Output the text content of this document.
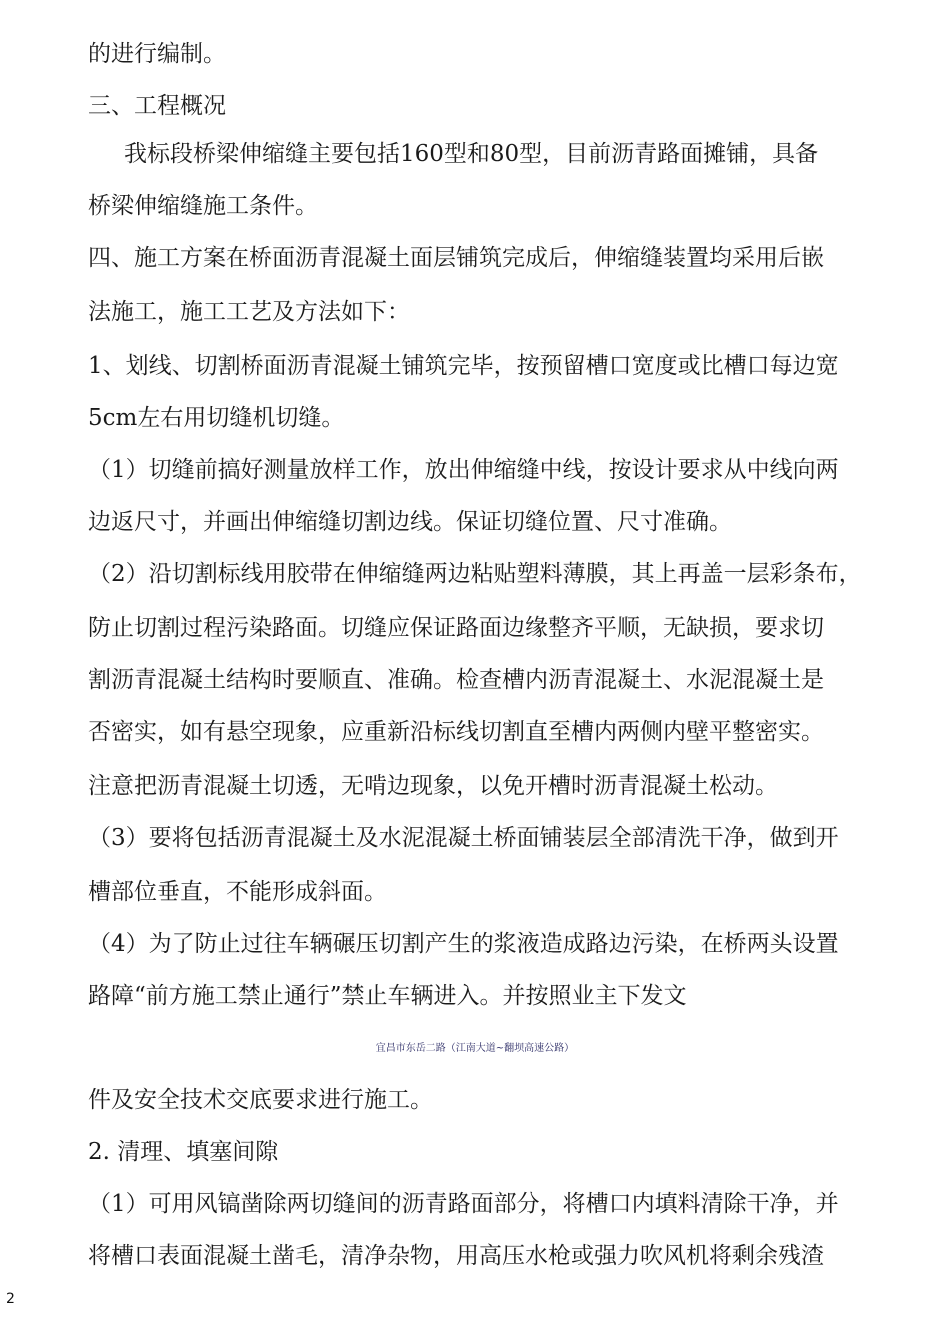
的进行编制。
三、工程概况
我标段桥梁伸缩缝主要包括160型和80型，目前沥青路面摊铺，具备
桥梁伸缩缝施工条件。
四、施工方案在桥面沥青混凝土面层铺筑完成后，伸缩缝装置均采用后嵌
法施工，施工工艺及方法如下：
1、划线、切割桥面沥青混凝土铺筑完毕，按预留槽口宽度或比槽口每边宽
5cm左右用切缝机切缝。
（1）切缝前搞好测量放样工作，放出伸缩缝中线，按设计要求从中线向两
边返尺寸，并画出伸缩缝切割边线。保证切缝位置、尺寸准确。
（2）沿切割标线用胶带在伸缩缝两边粘贴塑料薄膜，其上再盖一层彩条布，
防止切割过程污染路面。切缝应保证路面边缘整齐平顺，无缺损，要求切
割沥青混凝土结构时要顺直、准确。检查槽内沥青混凝土、水泥混凝土是
否密实，如有悬空现象，应重新沿标线切割直至槽内两侧内壁平整密实。
注意把沥青混凝土切透，无啃边现象，以免开槽时沥青混凝土松动。
（3）要将包括沥青混凝土及水泥混凝土桥面铺装层全部清洗干净，做到开
槽部位垂直，不能形成斜面。
（4）为了防止过往车辆碾压切割产生的浆液造成路边污染，在桥两头设置
路障“前方施工禁止通行”禁止车辆进入。并按照业主下发文
宜昌市东岳二路（江南大道~翻坝高速公路）
件及安全技术交底要求进行施工。
2. 清理、填塞间隙
（1）可用风镐凿除两切缝间的沥青路面部分，将槽口内填料清除干净，并
将槽口表面混凝土凿毛，清净杂物，用高压水枪或强力吹风机将剩余残渣
2
